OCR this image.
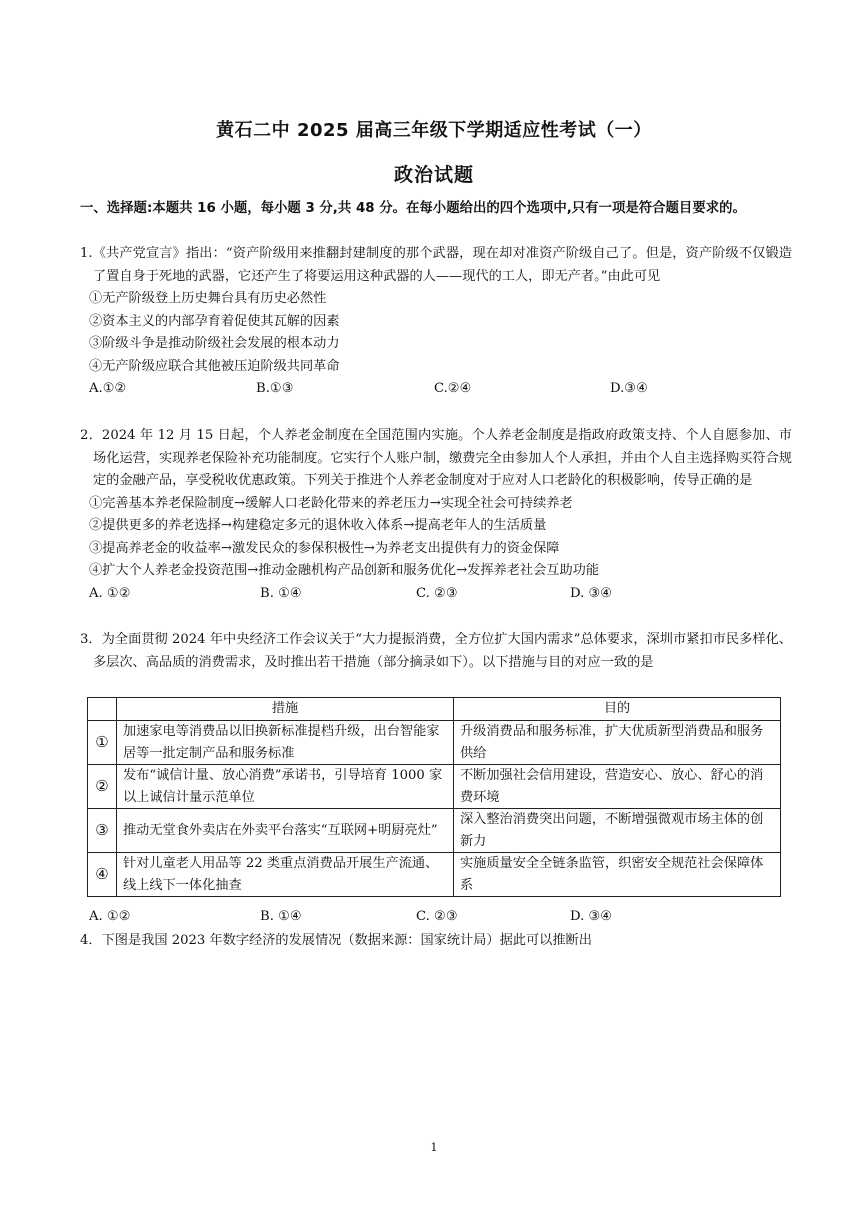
黄石二中 2025 届高三年级下学期适应性考试（一）
政治试题
一、选择题:本题共 16 小题，每小题 3 分,共 48 分。在每小题给出的四个选项中,只有一项是符合题目要求的。
1.《共产党宣言》指出：“资产阶级用来推翻封建制度的那个武器，现在却对准资产阶级自己了。但是，资产阶级不仅锻造了置自身于死地的武器，它还产生了将要运用这种武器的人——现代的工人，即无产者。”由此可见
①无产阶级登上历史舞台具有历史必然性
②资本主义的内部孕育着促使其瓦解的因素
③阶级斗争是推动阶级社会发展的根本动力
④无产阶级应联合其他被压迫阶级共同革命
A.①②	B.①③	C.②④	D.③④
2．2024 年 12 月 15 日起，个人养老金制度在全国范围内实施。个人养老金制度是指政府政策支持、个人自愿参加、市场化运营，实现养老保险补充功能制度。它实行个人账户制，缴费完全由参加人个人承担，并由个人自主选择购买符合规定的金融产品，享受税收优惠政策。下列关于推进个人养老金制度对于应对人口老龄化的积极影响，传导正确的是
①完善基本养老保险制度→缓解人口老龄化带来的养老压力→实现全社会可持续养老
②提供更多的养老选择→构建稳定多元的退休收入体系→提高老年人的生活质量
③提高养老金的收益率→激发民众的参保积极性→为养老支出提供有力的资金保障
④扩大个人养老金投资范围→推动金融机构产品创新和服务优化→发挥养老社会互助功能
A. ①②	B. ①④	C. ②③	D. ③④
3．为全面贯彻 2024 年中央经济工作会议关于“大力提振消费，全方位扩大国内需求”总体要求，深圳市紧扣市民多样化、多层次、高品质的消费需求，及时推出若干措施（部分摘录如下）。以下措施与目的对应一致的是
	措施	目的
①	加速家电等消费品以旧换新标准提档升级，出台智能家居等一批定制产品和服务标准	升级消费品和服务标准，扩大优质新型消费品和服务供给
②	发布“诚信计量、放心消费”承诺书，引导培育 1000 家以上诚信计量示范单位	不断加强社会信用建设，营造安心、放心、舒心的消费环境
③	推动无堂食外卖店在外卖平台落实“互联网+明厨亮灶”	深入整治消费突出问题，不断增强微观市场主体的创新力
④	针对儿童老人用品等 22 类重点消费品开展生产流通、线上线下一体化抽查	实施质量安全全链条监管，织密安全规范社会保障体系
A. ①②	B. ①④	C. ②③	D. ③④
4．下图是我国 2023 年数字经济的发展情况（数据来源：国家统计局）据此可以推断出
1
